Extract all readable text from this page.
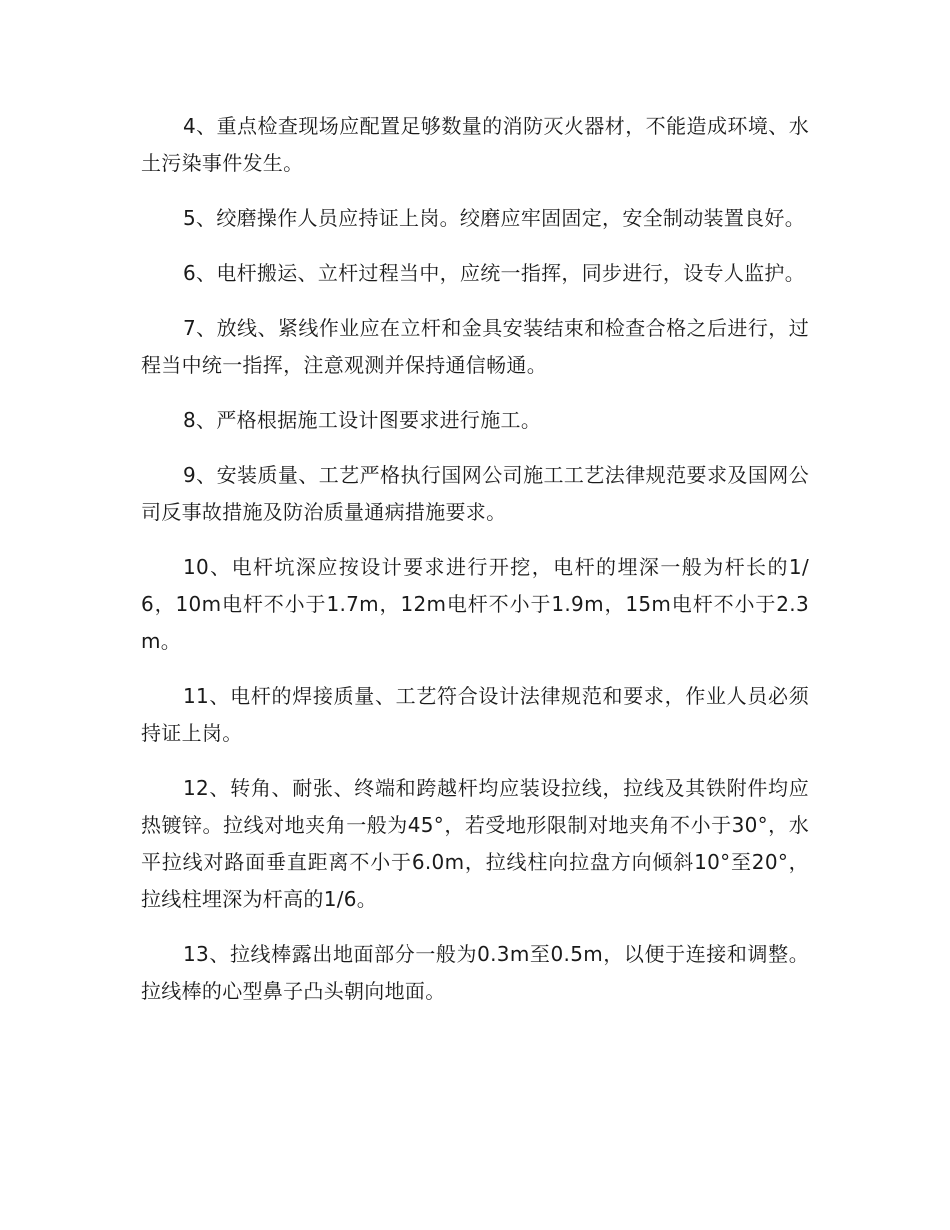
4、重点检查现场应配置足够数量的消防灭火器材，不能造成环境、水土污染事件发生。

5、绞磨操作人员应持证上岗。绞磨应牢固固定，安全制动装置良好。

6、电杆搬运、立杆过程当中，应统一指挥，同步进行，设专人监护。

7、放线、紧线作业应在立杆和金具安装结束和检查合格之后进行，过程当中统一指挥，注意观测并保持通信畅通。

8、严格根据施工设计图要求进行施工。

9、安装质量、工艺严格执行国网公司施工工艺法律规范要求及国网公司反事故措施及防治质量通病措施要求。

10、电杆坑深应按设计要求进行开挖，电杆的埋深一般为杆长的1/6，10m电杆不小于1.7m，12m电杆不小于1.9m，15m电杆不小于2.3m。

11、电杆的焊接质量、工艺符合设计法律规范和要求，作业人员必须持证上岗。

12、转角、耐张、终端和跨越杆均应装设拉线，拉线及其铁附件均应热镀锌。拉线对地夹角一般为45°，若受地形限制对地夹角不小于30°，水平拉线对路面垂直距离不小于6.0m，拉线柱向拉盘方向倾斜10°至20°，拉线柱埋深为杆高的1/6。

13、拉线棒露出地面部分一般为0.3m至0.5m，以便于连接和调整。拉线棒的心型鼻子凸头朝向地面。
